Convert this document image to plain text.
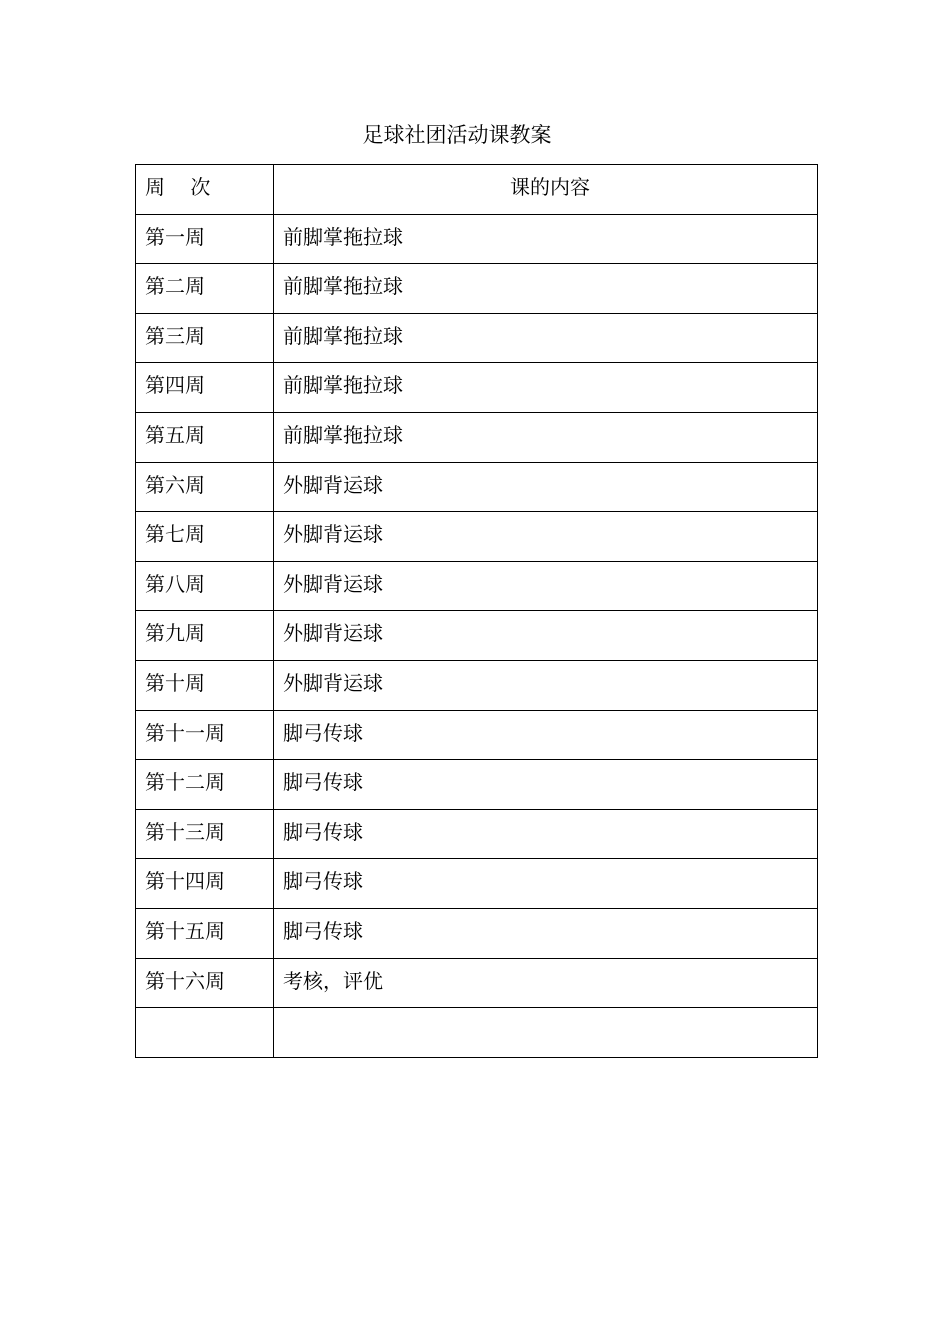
足球社团活动课教案
周    次	课的内容
第一周	前脚掌拖拉球
第二周	前脚掌拖拉球
第三周	前脚掌拖拉球
第四周	前脚掌拖拉球
第五周	前脚掌拖拉球
第六周	外脚背运球
第七周	外脚背运球
第八周	外脚背运球
第九周	外脚背运球
第十周	外脚背运球
第十一周	脚弓传球
第十二周	脚弓传球
第十三周	脚弓传球
第十四周	脚弓传球
第十五周	脚弓传球
第十六周	考核，评优
